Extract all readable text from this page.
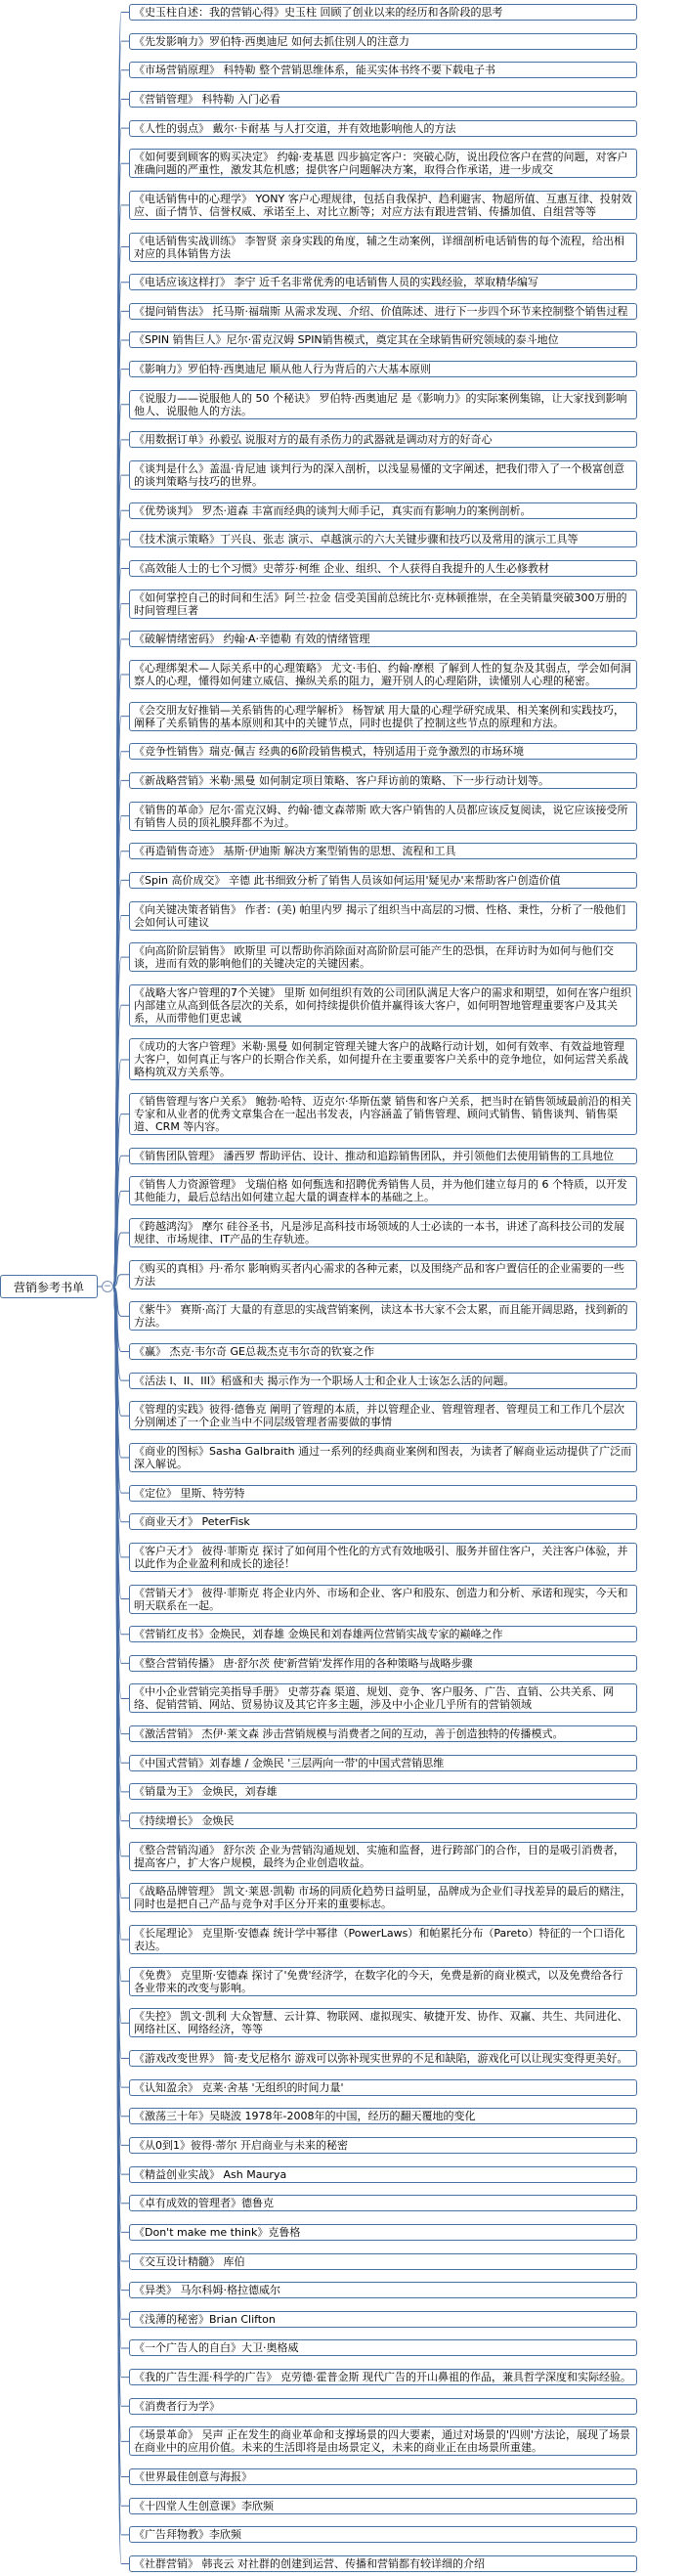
营销参考书单	−
《史玉柱自述：我的营销心得》史玉柱 回顾了创业以来的经历和各阶段的思考
《先发影响力》罗伯特·西奥迪尼 如何去抓住别人的注意力
《市场营销原理》 科特勒 整个营销思维体系，能买实体书终不要下载电子书
《营销管理》 科特勒 入门必看
《人性的弱点》 戴尔·卡耐基 与人打交道，并有效地影响他人的方法
《如何要到顾客的购买决定》 约翰·麦基恩 四步搞定客户：突破心防，说出段位客户在营的问题，对客户准确问题的严重性，激发其危机感；提供客户问题解决方案，取得合作承诺，进一步成交
《电话销售中的心理学》 YONY 客户心理规律，包括自我保护、趋利避害、物超所值、互惠互律、投射效应、面子情节、信誉权威、承诺至上、对比立断等；对应方法有跟进营销、传播加值、自组营等等
《电话销售实战训练》 李智贤 亲身实践的角度，辅之生动案例，详细剖析电话销售的每个流程，给出相对应的具体销售方法
《电话应该这样打》 李宁 近千名非常优秀的电话销售人员的实践经验，萃取精华编写
《提问销售法》 托马斯·福瑞斯 从需求发现、介绍、价值陈述、进行下一步四个环节来控制整个销售过程
《SPIN 销售巨人》尼尔·雷克汉姆 SPIN销售模式，奠定其在全球销售研究领域的泰斗地位
《影响力》罗伯特·西奥迪尼 顺从他人行为背后的六大基本原则
《说服力——说服他人的 50 个秘诀》 罗伯特·西奥迪尼 是《影响力》的实际案例集锦，让大家找到影响他人、说服他人的方法。
《用数据订单》孙毅弘 说服对方的最有杀伤力的武器就是调动对方的好奇心
《谈判是什么》盖温·肯尼迪 谈判行为的深入剖析，以浅显易懂的文字阐述，把我们带入了一个极富创意的谈判策略与技巧的世界。
《优势谈判》 罗杰·道森 丰富而经典的谈判大师手记，真实而有影响力的案例剖析。
《技术演示策略》丁兴良、张志 演示、卓越演示的六大关键步骤和技巧以及常用的演示工具等
《高效能人士的七个习惯》史蒂芬·柯维 企业、组织、个人获得自我提升的人生必修教材
《如何掌控自己的时间和生活》阿兰·拉金 信受美国前总统比尔·克林顿推崇，在全美销量突破300万册的时间管理巨著
《破解情绪密码》 约翰·A·辛德勒 有效的情绪管理
《心理绑架术—人际关系中的心理策略》 尤文·韦伯、约翰·摩根 了解到人性的复杂及其弱点，学会如何洞察人的心理，懂得如何建立威信、操纵关系的阻力，避开别人的心理陷阱，读懂别人心理的秘密。
《会交朋友好推销—关系销售的心理学解析》 杨智斌 用大量的心理学研究成果、相关案例和实践技巧，阐释了关系销售的基本原则和其中的关键节点，同时也提供了控制这些节点的原理和方法。
《竞争性销售》瑞克·佩吉 经典的6阶段销售模式，特别适用于竞争激烈的市场环境
《新战略营销》米勒·黑曼 如何制定项目策略、客户拜访前的策略、下一步行动计划等。
《销售的革命》尼尔·雷克汉姆、约翰·德文森蒂斯 欧大客户销售的人员都应该反复阅读，说它应该接受所有销售人员的顶礼膜拜都不为过。
《再造销售奇迹》 基斯·伊迪斯 解决方案型销售的思想、流程和工具
《Spin 高价成交》 辛德 此书细致分析了销售人员该如何运用'疑见办'来帮助客户创造价值
《向关键决策者销售》 作者：(美) 帕里内罗 揭示了组织当中高层的习惯、性格、秉性，分析了一般他们会如何认可建议
《向高阶阶层销售》 欧斯里 可以帮助你消除面对高阶阶层可能产生的恐惧，在拜访时为如何与他们交谈，进而有效的影响他们的关键决定的关键因素。
《战略大客户管理的7个关键》 里斯 如何组织有效的公司团队满足大客户的需求和期望，如何在客户组织内部建立从高到低各层次的关系，如何持续提供价值并赢得该大客户，如何明智地管理重要客户及其关系，从而带他们更忠诚
《成功的大客户管理》米勒·黑曼 如何制定管理关键大客户的战略行动计划，如何有效率、有效益地管理大客户，如何真正与客户的长期合作关系，如何提升在主要重要客户关系中的竞争地位，如何运营关系战略构筑双方关系等。
《销售管理与客户关系》 鲍勃·哈特、迈克尔·华斯伍蒙 销售和客户关系，把当时在销售领域最前沿的相关专家和从业者的优秀文章集合在一起出书发表，内容涵盖了销售管理、顾问式销售、销售谈判、销售渠道、CRM 等内容。
《销售团队管理》 潘西罗 帮助评估、设计、推动和追踪销售团队，并引领他们去使用销售的工具地位
《销售人力资源管理》 戈瑞伯格 如何甄选和招聘优秀销售人员，并为他们建立每月的 6 个特质，以开发其他能力，最后总结出如何建立起大量的调查样本的基础之上。
《跨越鸿沟》 摩尔 硅谷圣书，凡是涉足高科技市场领域的人士必读的一本书，讲述了高科技公司的发展规律、市场规律、IT产品的生存轨迹。
《购买的真相》丹·希尔 影响购买者内心需求的各种元素，以及围绕产品和客户置信任的企业需要的一些方法
《紫牛》 赛斯·高汀 大量的有意思的实战营销案例，读这本书大家不会太累，而且能开阔思路，找到新的方法。
《赢》 杰克·韦尔奇 GE总裁杰克韦尔奇的钦宴之作
《活法 I、II、III》稻盛和夫 揭示作为一个职场人士和企业人士该怎么活的问题。
《管理的实践》彼得·德鲁克 阐明了管理的本质，并以管理企业、管理管理者、管理员工和工作几个层次分别阐述了一个企业当中不同层级管理者需要做的事情
《商业的图标》Sasha Galbraith 通过一系列的经典商业案例和图表，为读者了解商业运动提供了广泛而深入解说。
《定位》 里斯、特劳特
《商业天才》 PeterFisk
《客户天才》 彼得·菲斯克 探讨了如何用个性化的方式有效地吸引、服务并留住客户，关注客户体验，并以此作为企业盈利和成长的途径！
《营销天才》 彼得·菲斯克 将企业内外、市场和企业、客户和股东、创造力和分析、承诺和现实，今天和明天联系在一起。
《营销红皮书》金焕民，刘春雄 金焕民和刘春雄两位营销实战专家的巅峰之作
《整合营销传播》 唐·舒尔茨 使'新营销'发挥作用的各种策略与战略步骤
《中小企业营销完美指导手册》 史蒂芬森 渠道、规划、竞争、客户服务、广告、直销、公共关系、网络、促销营销、网站、贸易协议及其它许多主题，涉及中小企业几乎所有的营销领域
《激活营销》 杰伊·莱文森 涉击营销规模与消费者之间的互动，善于创造独特的传播模式。
《中国式营销》刘春雄 / 金焕民 '三层两向一带'的中国式营销思维
《销量为王》 金焕民，刘春雄
《持续增长》 金焕民
《整合营销沟通》 舒尔茨 企业为营销沟通规划、实施和监督，进行跨部门的合作，目的是吸引消费者，提高客户，扩大客户规模，最终为企业创造收益。
《战略品牌管理》 凯文·莱恩·凯勒 市场的同质化趋势日益明显，品牌成为企业们寻找差异的最后的赌注，同时也是把自己产品与竞争对手区分开来的重要标志。
《长尾理论》 克里斯·安德森 统计学中幂律（PowerLaws）和帕累托分布（Pareto）特征的一个口语化表达。
《免费》 克里斯·安德森 探讨了'免费'经济学，在数字化的今天，免费是新的商业模式，以及免费给各行各业带来的改变与影响。
《失控》 凯文·凯利 大众智慧、云计算、物联网、虚拟现实、敏捷开发、协作、双赢、共生、共同进化、网络社区、网络经济，等等
《游戏改变世界》 简·麦戈尼格尔 游戏可以弥补现实世界的不足和缺陷，游戏化可以让现实变得更美好。
《认知盈余》 克莱·舍基 '无组织的时间力量'
《激荡三十年》吴晓波 1978年-2008年的中国，经历的翻天覆地的变化
《从0到1》彼得·蒂尔 开启商业与未来的秘密
《精益创业实战》 Ash Maurya
《卓有成效的管理者》德鲁克
《Don't make me think》克鲁格
《交互设计精髓》 库伯
《异类》 马尔科姆·格拉德威尔
《浅薄的秘密》Brian Clifton
《一个广告人的自白》大卫·奥格威
《我的广告生涯·科学的广告》 克劳德·霍普金斯 现代广告的开山鼻祖的作品，兼具哲学深度和实际经验。
《消费者行为学》
《场景革命》 吴声 正在发生的商业革命和支撑场景的四大要素，通过对场景的'四则'方法论，展现了场景在商业中的应用价值。未来的生活即将是由场景定义，未来的商业正在由场景所重建。
《世界最佳创意与海报》
《十四堂人生创意课》李欣频
《广告拜物教》李欣频
《社群营销》 韩丧云 对社群的创建到运营、传播和营销都有较详细的介绍
